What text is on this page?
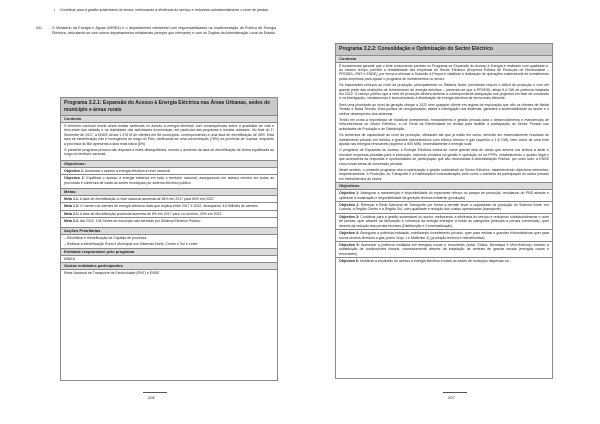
• Contribuir para a gestão sustentável do sector, melhorando a eficiência do serviço e reduzindo substancialmente o nível de perdas.
341.	O Ministério da Energia e Águas (MINEA) é o departamento ministerial com responsabilidades na implementação da Política de Energia Eléctrica, articulando-se com outros departamentos ministeriais (sempre que relevante) e com os Órgãos da Administração Local do Estado.
Programa 3.2.1: Expansão do Acesso à Energia Eléctrica nas Áreas Urbanas, sedes de município e áreas rurais
Contexto
O território nacional revela ainda muitas carências no acesso à energia eléctrica, com consequências sobre a qualidade de vida e bem-estar das cidadãs e na viabilidade das actividades económicas, em particular das pequenas e médias unidades. No final do 1º Semestre de 2017, a ENDE servia 1.376 M de clientes em 66 municípios, correspondendo a uma taxa de electrificação de 36%. Esta taxa de electrificação não é homogénea ao longo do País, verificando-se uma concentração (75%) na província de Luanda, enquanto a província do Bié apresenta a taxa mais baixa (8%).
O presente programa procura dar resposta a estes desequilíbrios, mundo o aumento da taxa de electrificação de forma equilibrada ao longo do território nacional.
Objectivos:
Objectivo 1: Aumentar o acesso à energia eléctrica a nível nacional
Objectivo 2: Equilibrar o acesso à energia eléctrica em todo o território nacional, assegurando um acesso mínimo em todas as províncias e cobertura de todas as sedes municipais por sistema eléctrico público
Metas:
Meta 1.1: A taxa de electrificação a nível nacional aumenta de 36% em 2017 para 50% em 2022
Meta 1.2: O número de clientes de energia eléctrica mais que duplica entre 2017 e 2022, alcançando 3,6 Milhões de clientes
Meta 2.1: A taxa de electrificação provincial aumenta de 8% em 2017 para, no mínimo, 20% em 2022
Meta 2.2: Até 2022, 136 Sedes de município são servidas por Sistema Eléctrico Público
Acções Prioritárias
– Electrificar e electrificação de Capitais de província;
– Realizar a electrificação Rural e Municipal nos Sistemas Norte, Centro e Sul e Leste
Entidade responsável pelo programa
MINEA
Outras entidades participantes
Rede Nacional de Transporte de Electricidade (RNT) e ENDE
206
Programa 3.2.2: Consolidação e Optimização do Sector Eléctrico
Contexto
É fundamental garantir que o forte crescimento previsto no Programa de Expansão do Acesso à Energia é realizado com qualidade e, ao mesmo tempo, permitir a rentabilidade das empresas do Sector Eléctrico (Empresa Pública de Produção de Electricidade – PRODEL, RNT e ENDE), por forma a eliminar a Subsídio a Preços e viabilizar a realização de operações sustentáveis de investimento pelas empresas para apoiar o programa de investimentos no sector.
Os importantes reforços ao nível da produção, principalmente no Sistema Norte, permitiram reduzir o déficit de produção e com ele grande parte das restrições de fornecimento de energia eléctrica – prevendo-se que a PRODEL atinja 5,4 GW de potência instalada em 2022. O reforço público que a rede de produção deverá acelerar a correspondente adequação nos projectos em fase de conclusão e na interligação, robustecendo e economizando a distribuição de energia eléctrica de forma mais eficiente.
Será uma prioridade ao nível da geração chegar a 2022 sem qualquer cliente em regime de exploração que não os clientes de Media Tensão e Baixa Tensão. Esta política de reorganização, aliada à interligação dos sistemas, garantirá a sustentabilidade do sector e o melhor desempenho dos sistemas.
Tendo em conta a importância de mobilizar investimento, financiamento e gestão privada para o desenvolvimento e manutenção de infra-estruturas do Sector Eléctrico, a Lei Geral da Electricidade foi revista para facilitar a participação do Sector Privado nas actividades de Produção e de Distribuição.
Os aumentos de capacidade ao nível da produção, utilizaram até que já estão em curso, deverão ser essencialmente resultado de investimento privado em médios e grandes hidroeléctricos com reforço térmico e gás (superior a 1,5 GW), bem como de uma forte aposta nas energias renováveis (superior a 500 MW), nomeadamente a energia solar.
O programa de Expansão do Acesso à Energia Eléctrica traduz-se numa grande lista de obras que deverá nos termos a atrair e envolver empresas privadas para a execução, incluindo privados na gestão e operação ou na PPPs, estabelecendo o quadro legal e que acrescenta as respostas e oportunidades de participação que são necessárias à Administração Pública, por outro lado, a ENDE criou novas áreas de concessão privada.
Neste sentido, o presente programa visa a optimização e gestão sustentável do Sector Eléctrico, estabelecendo objectivos referentes, respectivamente, à Produção, ao Transporte e à Distribuição/Comercialização, bem como o aumento da participação do sector privado em investimentos do sector.
Objectivos
Objectivo 1: Assegurar a manutenção e disponibilidade do importante reforço do parque de produção, resultando do PND através e optimizar a localização e disponibilidade da geração térmica existente (produção)
Objectivo 2: Reforçar a Rede Nacional de Transporte por forma a permitir levar a capacidade de produção do Sistema Norte, em Luanda, a Região Centro e a Região Sul, com qualidade e redução dos custos operacionais (transporte)
Objectivo 3: Contribuir para a gestão sustentável do sector, melhorando a eficiência do serviço e reduzindo substancialmente o nível de perdas, quer através da facturação e cobrança da energia entregue a todas as categorias (redução a perdas comerciais), quer através da redução das perdas técnicas (Distribuição e Comercialização)
Objectivo 4: Assegurar a potência instalada, mobilizando investimento privado, quer para médias e grandes hidroeléctricas quer para novos centros térmicos a gás (como Soyo 1 e Malembo 2) (produção térmica e hidroeléctrica)
Objectivo 5: Aumentar a potência instalada em energias novas e renováveis (solar, Eólica, Biomassa e Mini-Hídricas) visando a substituição de combustíveis fósseis, nomeadamente através da instalação de centrais de grande escala (energias novas e renováveis)
Objectivo 6: Mobilizar a expansão do acesso à energia eléctrica a todas as sedes de município dispersas no...
207
